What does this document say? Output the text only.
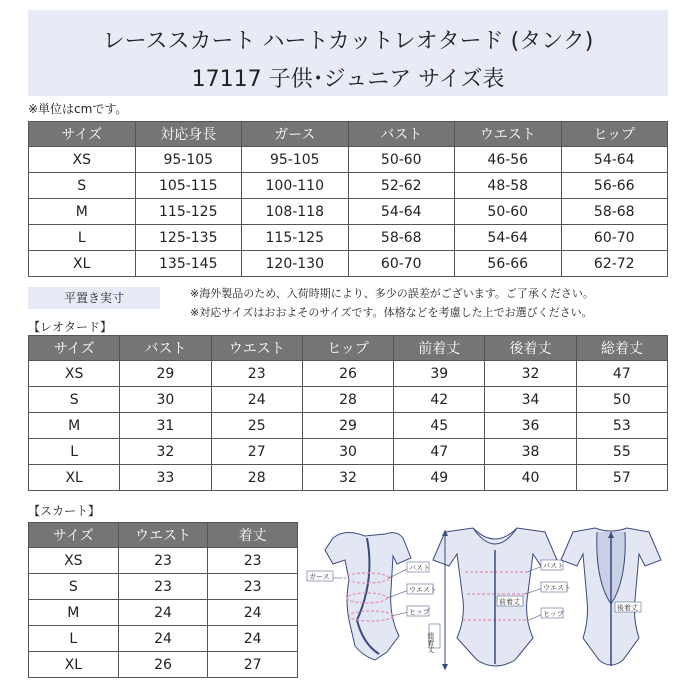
レーススカート ハートカットレオタード (タンク)
17117 子供･ジュニア サイズ表
※単位はcmです。
サイズ	対応身長	ガース	バスト	ウエスト	ヒップ
XS	95-105	95-105	50-60	46-56	54-64
S	105-115	100-110	52-62	48-58	56-66
M	115-125	108-118	54-64	50-60	58-68
L	125-135	115-125	58-68	54-64	60-70
XL	135-145	120-130	60-70	56-66	62-72
平置き実寸	※海外製品のため、入荷時期により、多少の誤差がございます。ご了承ください。
※対応サイズはおおよそのサイズです。体格などを考慮した上でお選びください。
【レオタード】
サイズ	バスト	ウエスト	ヒップ	前着丈	後着丈	総着丈
XS	29	23	26	39	32	47
S	30	24	28	42	34	50
M	31	25	29	45	36	53
L	32	27	30	47	38	55
XL	33	28	32	49	40	57
【スカート】
サイズ	ウエスト	着丈
XS	23	23
S	23	23
M	24	24
L	24	24
XL	26	27
ガース
バスト
ウエスト
ヒップ
総着丈
前着丈
バスト
ウエスト
ヒップ
後着丈
